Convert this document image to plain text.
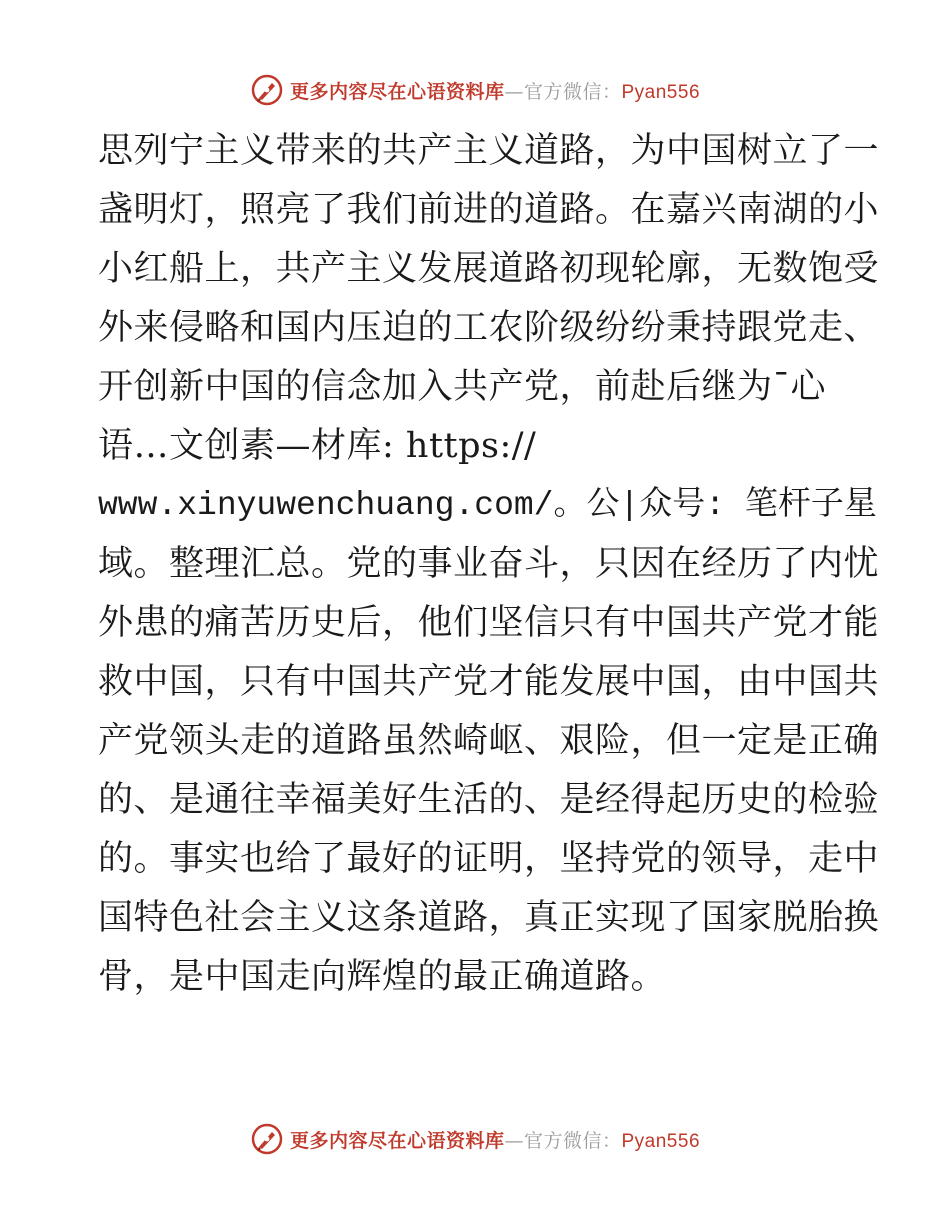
更多内容尽在心语资料库—官方微信：Pyan556
思列宁主义带来的共产主义道路，为中国树立了一
盏明灯，照亮了我们前进的道路。在嘉兴南湖的小
小红船上，共产主义发展道路初现轮廓，无数饱受
外来侵略和国内压迫的工农阶级纷纷秉持跟党走、
开创新中国的信念加入共产党，前赴后继为¯心
语…文创素—材库: https://
www.xinyuwenchuang.com/。公|众号: 笔杆子星
域。整理汇总。党的事业奋斗，只因在经历了内忧
外患的痛苦历史后，他们坚信只有中国共产党才能
救中国，只有中国共产党才能发展中国，由中国共
产党领头走的道路虽然崎岖、艰险，但一定是正确
的、是通往幸福美好生活的、是经得起历史的检验
的。事实也给了最好的证明，坚持党的领导，走中
国特色社会主义这条道路，真正实现了国家脱胎换
骨，是中国走向辉煌的最正确道路。
更多内容尽在心语资料库—官方微信：Pyan556
